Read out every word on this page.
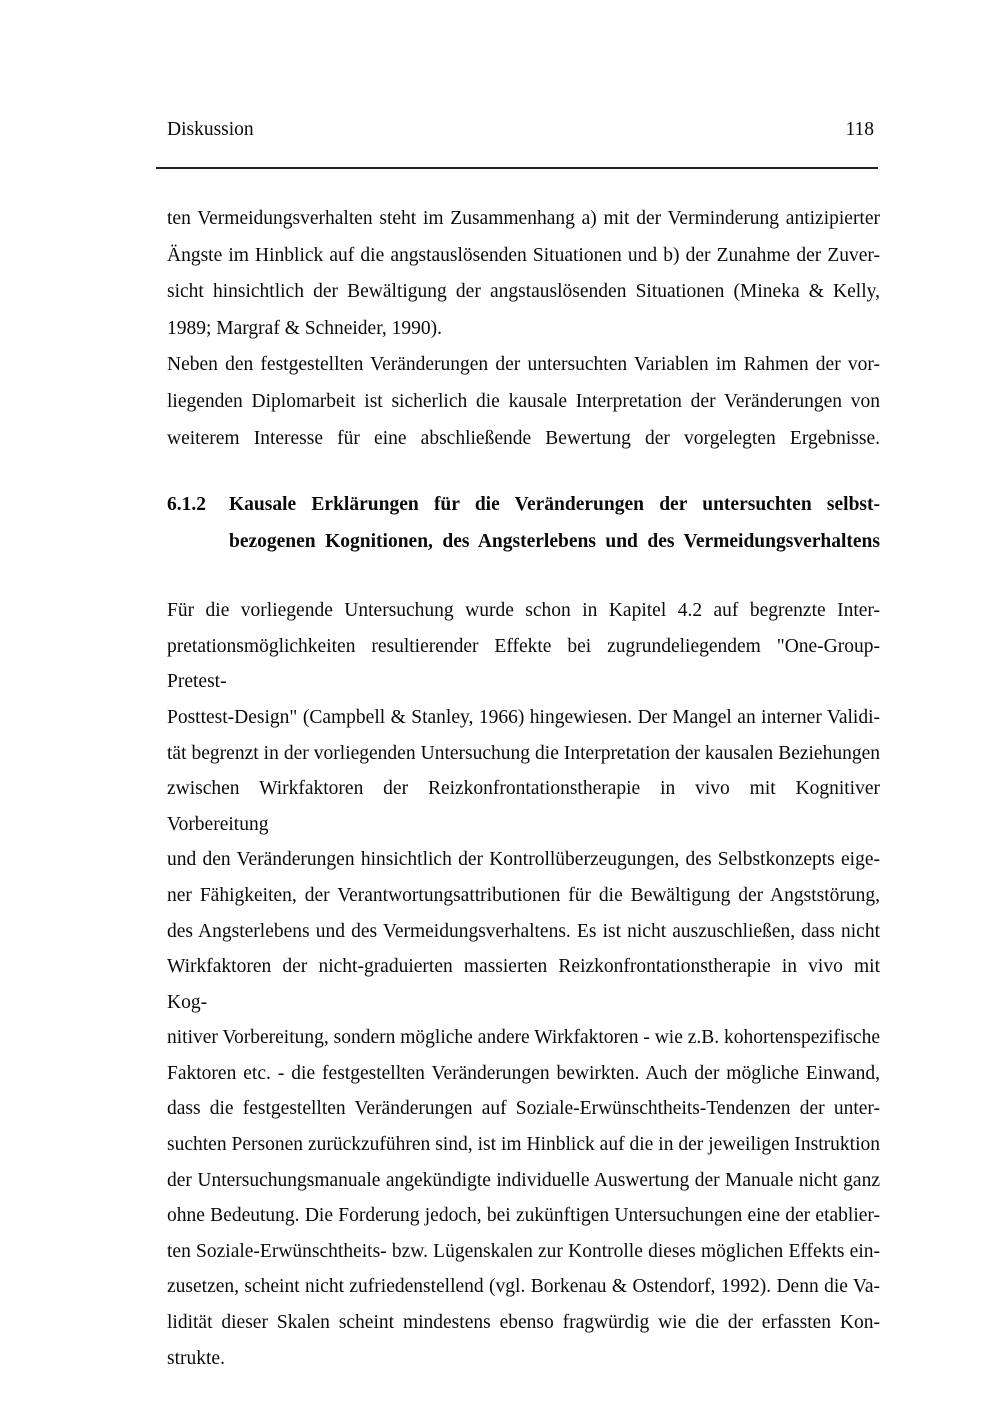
Diskussion	118
ten Vermeidungsverhalten steht im Zusammenhang a) mit der Verminderung antizipierter
Ängste im Hinblick auf die angstauslösenden Situationen und b) der Zunahme der Zuver-
sicht hinsichtlich der Bewältigung der angstauslösenden Situationen (Mineka & Kelly,
1989; Margraf & Schneider, 1990).
Neben den festgestellten Veränderungen der untersuchten Variablen im Rahmen der vor-
liegenden Diplomarbeit ist sicherlich die kausale Interpretation der Veränderungen von
weiterem Interesse für eine abschließende Bewertung der vorgelegten Ergebnisse.
6.1.2 Kausale Erklärungen für die Veränderungen der untersuchten selbst-
bezogenen Kognitionen, des Angsterlebens und des Vermeidungsverhaltens
Für die vorliegende Untersuchung wurde schon in Kapitel 4.2 auf begrenzte Inter-
pretationsmöglichkeiten resultierender Effekte bei zugrundeliegendem "One-Group-Pretest-
Posttest-Design" (Campbell & Stanley, 1966) hingewiesen. Der Mangel an interner Validi-
tät begrenzt in der vorliegenden Untersuchung die Interpretation der kausalen Beziehungen
zwischen Wirkfaktoren der Reizkonfrontationstherapie in vivo mit Kognitiver Vorbereitung
und den Veränderungen hinsichtlich der Kontrollüberzeugungen, des Selbstkonzepts eige-
ner Fähigkeiten, der Verantwortungsattributionen für die Bewältigung der Angststörung,
des Angsterlebens und des Vermeidungsverhaltens. Es ist nicht auszuschließen, dass nicht
Wirkfaktoren der nicht-graduierten massierten Reizkonfrontationstherapie in vivo mit Kog-
nitiver Vorbereitung, sondern mögliche andere Wirkfaktoren - wie z.B. kohortenspezifische
Faktoren etc. - die festgestellten Veränderungen bewirkten. Auch der mögliche Einwand,
dass die festgestellten Veränderungen auf Soziale-Erwünschtheits-Tendenzen der unter-
suchten Personen zurückzuführen sind, ist im Hinblick auf die in der jeweiligen Instruktion
der Untersuchungsmanuale angekündigte individuelle Auswertung der Manuale nicht ganz
ohne Bedeutung. Die Forderung jedoch, bei zukünftigen Untersuchungen eine der etablier-
ten Soziale-Erwünschtheits- bzw. Lügenskalen zur Kontrolle dieses möglichen Effekts ein-
zusetzen, scheint nicht zufriedenstellend (vgl. Borkenau & Ostendorf, 1992). Denn die Va-
lidität dieser Skalen scheint mindestens ebenso fragwürdig wie die der erfassten Kon-
strukte.
